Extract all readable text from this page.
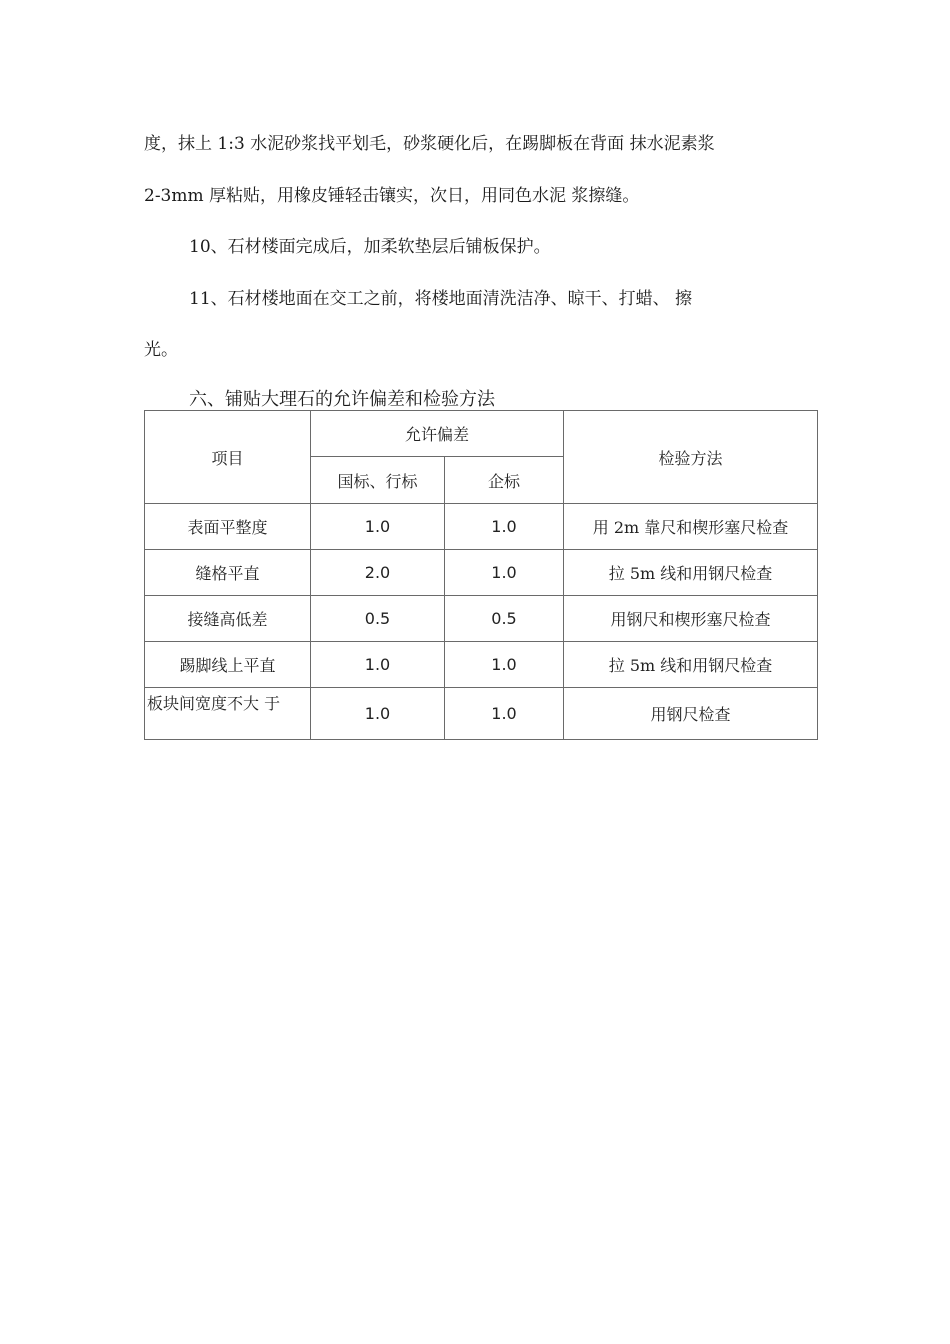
度，抹上 1:3 水泥砂浆找平划毛，砂浆硬化后，在踢脚板在背面 抹水泥素浆

2-3mm 厚粘贴，用橡皮锤轻击镶实，次日，用同色水泥 浆擦缝。

10、石材楼面完成后，加柔软垫层后铺板保护。

11、石材楼地面在交工之前，将楼地面清洗洁净、晾干、打蜡、 擦

光。

六、铺贴大理石的允许偏差和检验方法

项目	允许偏差		检验方法
	国标、行标	企标	
表面平整度	1.0	1.0	用 2m 靠尺和楔形塞尺检查
缝格平直	2.0	1.0	拉 5m 线和用钢尺检查
接缝高低差	0.5	0.5	用钢尺和楔形塞尺检查
踢脚线上平直	1.0	1.0	拉 5m 线和用钢尺检查
板块间宽度不大 于	1.0	1.0	用钢尺检查
